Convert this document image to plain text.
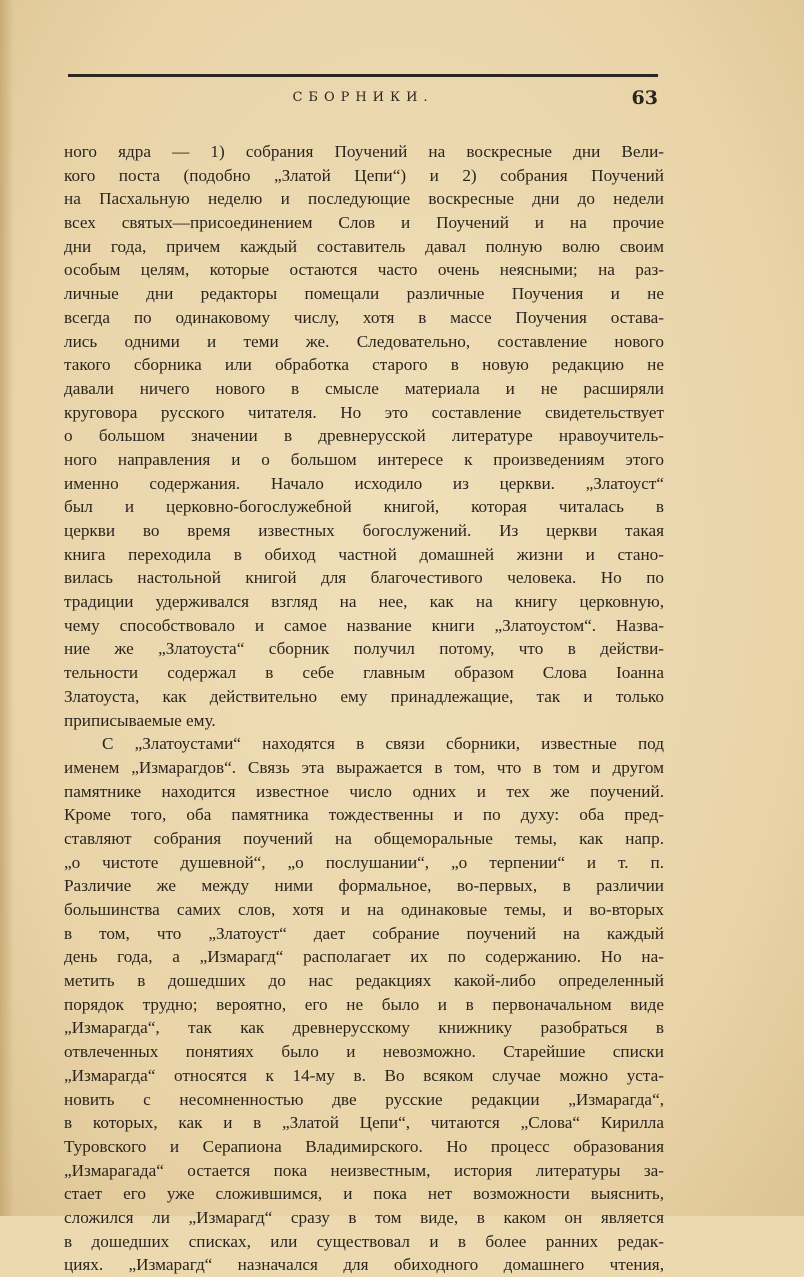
СБОРНИКИ.	63
ного ядра — 1) собрания Поучений на воскресные дни Вели-
кого поста (подобно „Златой Цепи“) и 2) собрания Поучений
на Пасхальную неделю и последующие воскресные дни до недели
всех святых—присоединением Слов и Поучений и на прочие
дни года, причем каждый составитель давал полную волю своим
особым целям, которые остаются часто очень неясными; на раз-
личные дни редакторы помещали различные Поучения и не
всегда по одинаковому числу, хотя в массе Поучения остава-
лись одними и теми же. Следовательно, составление нового
такого сборника или обработка старого в новую редакцию не
давали ничего нового в смысле материала и не расширяли
круговора русского читателя. Но это составление свидетельствует
о большом значении в древнерусской литературе нравоучитель-
ного направления и о большом интересе к произведениям этого
именно содержания. Начало исходило из церкви. „Златоуст“
был и церковно-богослужебной книгой, которая читалась в
церкви во время известных богослужений. Из церкви такая
книга переходила в обиход частной домашней жизни и стано-
вилась настольной книгой для благочестивого человека. Но по
традиции удерживался взгляд на нее, как на книгу церковную,
чему способствовало и самое название книги „Златоустом“. Назва-
ние же „Златоуста“ сборник получил потому, что в действи-
тельности содержал в себе главным образом Слова Іоанна
Златоуста, как действительно ему принадлежащие, так и только
приписываемые ему.
С „Златоустами“ находятся в связи сборники, известные под
именем „Измарагдов“. Связь эта выражается в том, что в том и другом
памятнике находится известное число одних и тех же поучений.
Кроме того, оба памятника тождественны и по духу: оба пред-
ставляют собрания поучений на общеморальные темы, как напр.
„о чистоте душевной“, „о послушании“, „о терпении“ и т. п.
Различие же между ними формальное, во-первых, в различии
большинства самих слов, хотя и на одинаковые темы, и во-вторых
в том, что „Златоуст“ дает собрание поучений на каждый
день года, а „Измарагд“ располагает их по содержанию. Но на-
метить в дошедших до нас редакциях какой-либо определенный
порядок трудно; вероятно, его не было и в первоначальном виде
„Измарагда“, так как древнерусскому книжнику разобраться в
отвлеченных понятиях было и невозможно. Старейшие списки
„Измарагда“ относятся к 14-му в. Во всяком случае можно уста-
новить с несомненностью две русские редакции „Измарагда“,
в которых, как и в „Златой Цепи“, читаются „Слова“ Кирилла
Туровского и Серапиона Владимирского. Но процесс образования
„Измарагада“ остается пока неизвестным, история литературы за-
стает его уже сложившимся, и пока нет возможности выяснить,
сложился ли „Измарагд“ сразу в том виде, в каком он является
в дошедших списках, или существовал и в более ранних редак-
циях. „Измарагд“ назначался для обиходного домашнего чтения,
